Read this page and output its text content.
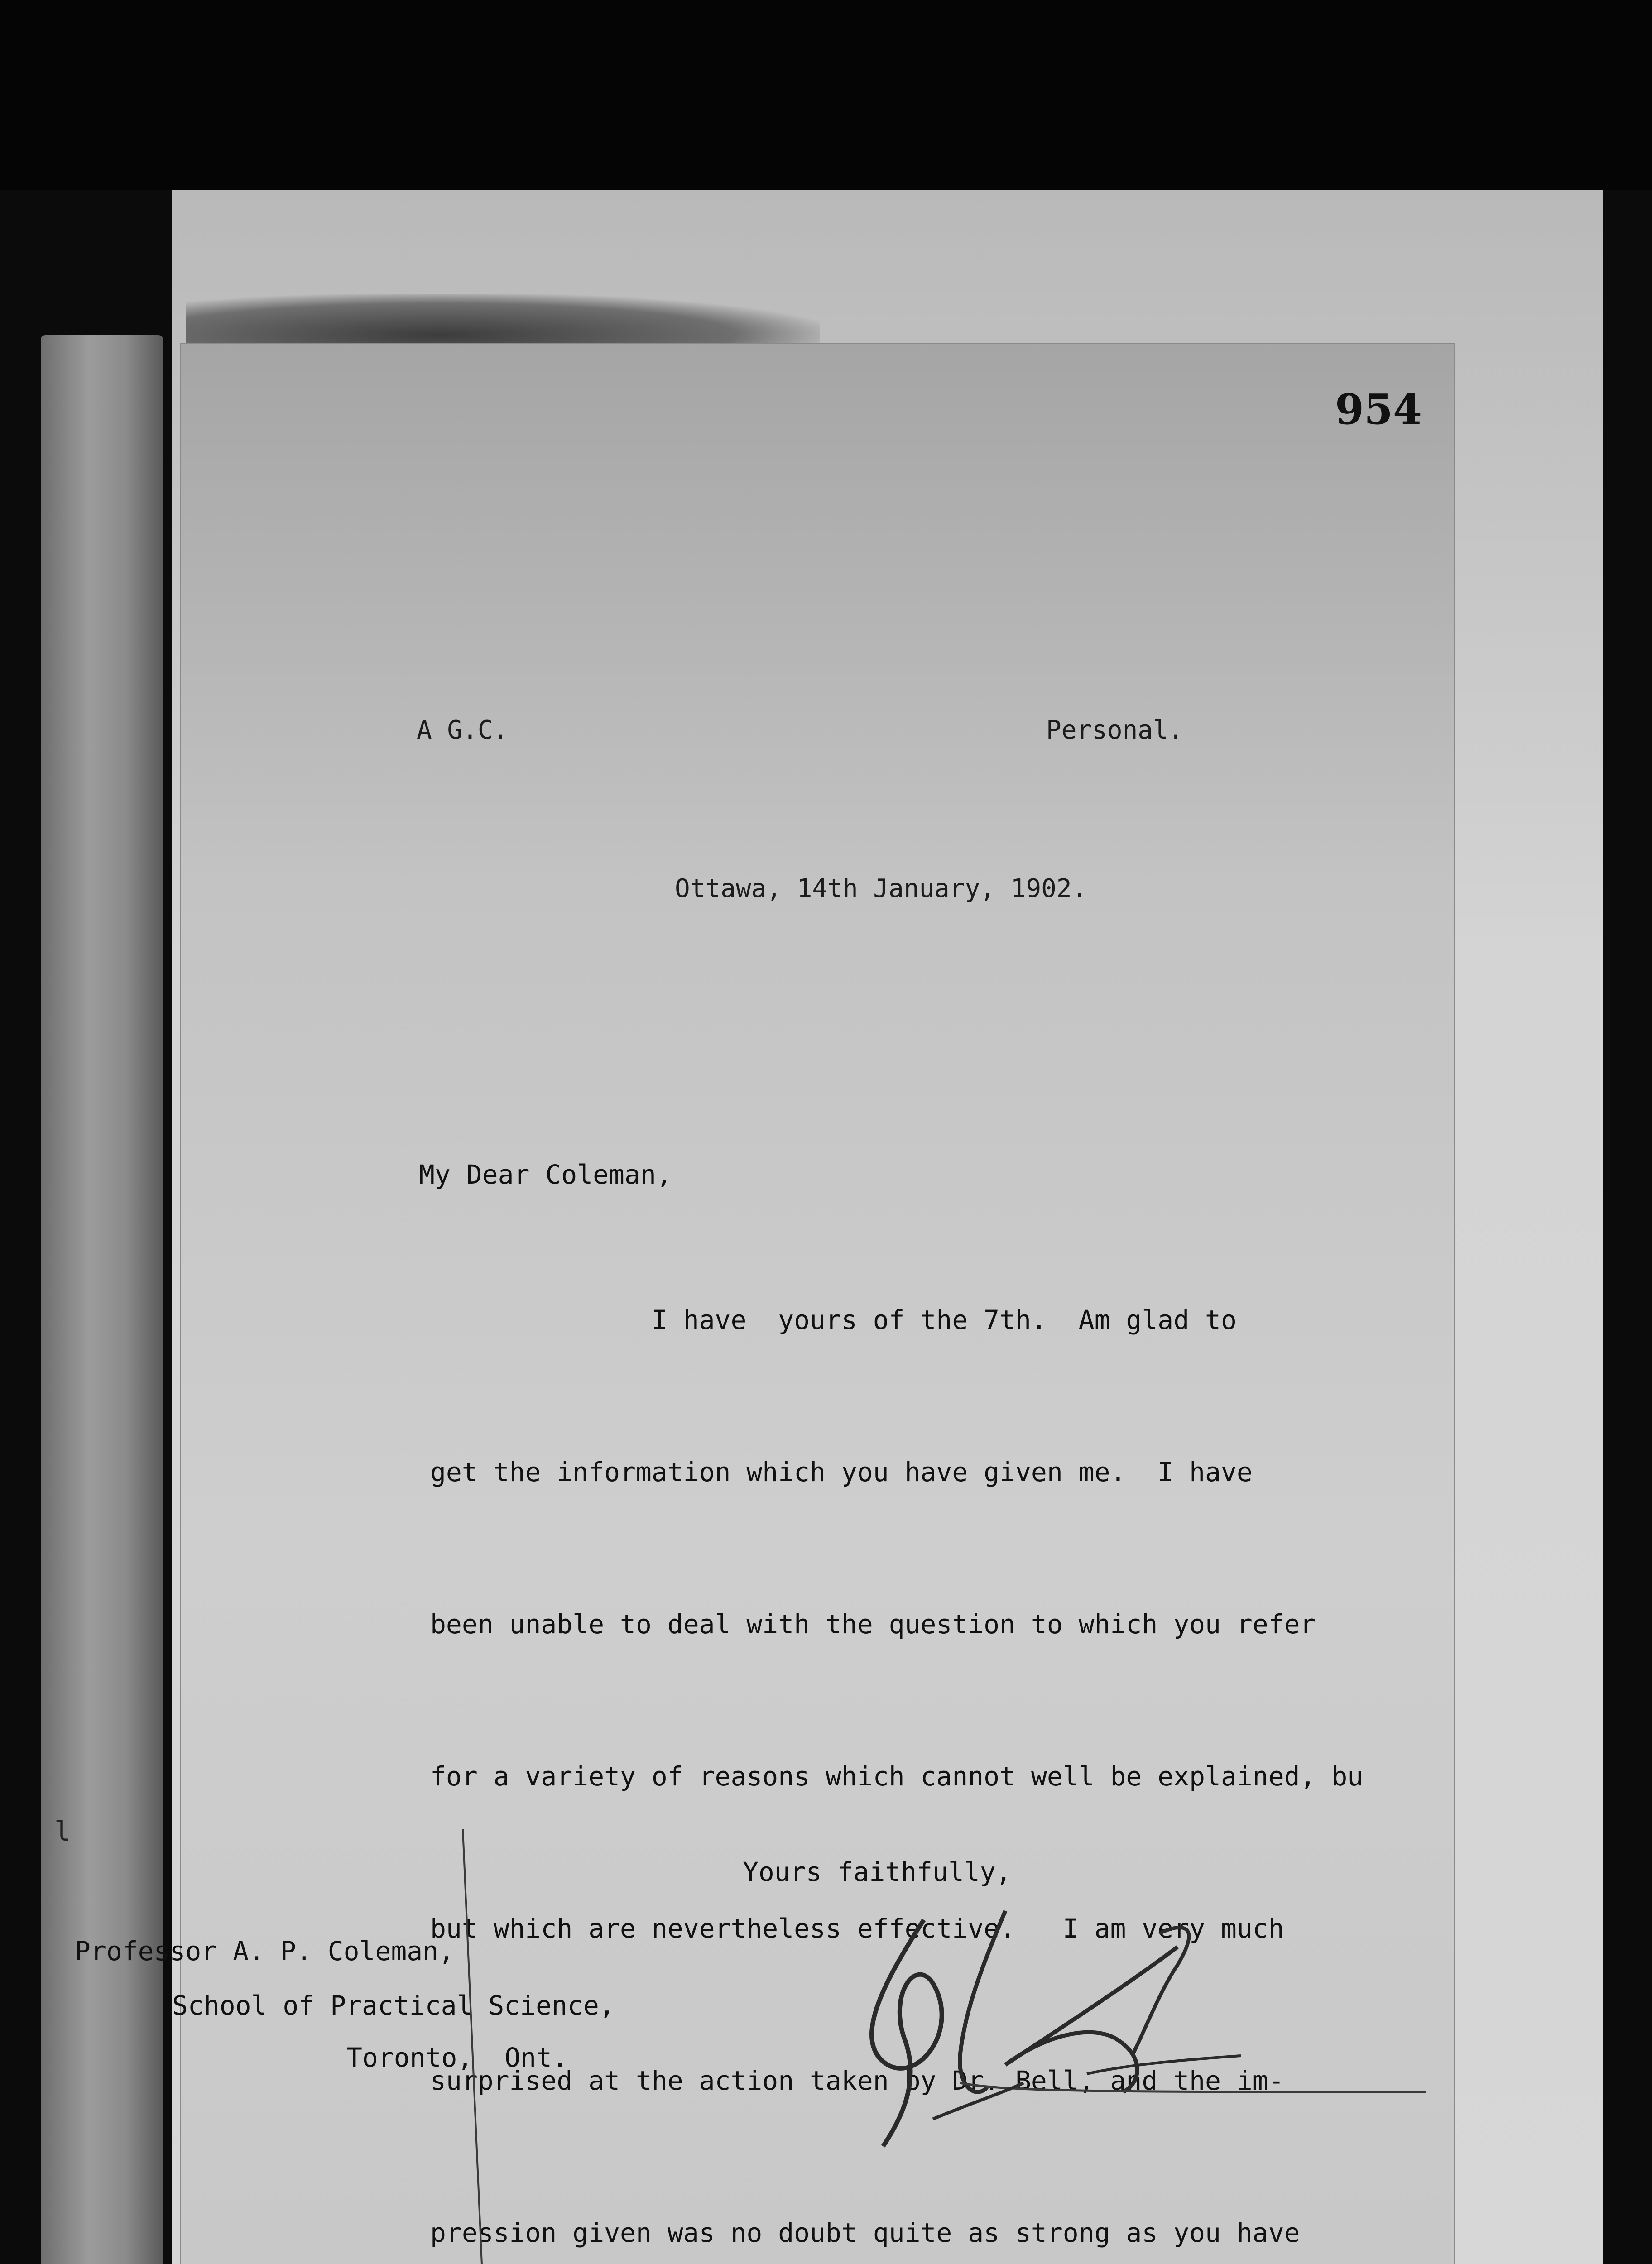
l
954
A G.C.	Personal.
Ottawa, 14th January, 1902.
My Dear Coleman,

I have  yours of the 7th.  Am glad to

get the information which you have given me.  I have

been unable to deal with the question to which you refer

for a variety of reasons which cannot well be explained, bu

but which are nevertheless effective.   I am very much

surprised at the action taken by Dr. Bell, and the im-

pression given was no doubt quite as strong as you have

Yours faithfully,
Professor A. P. Coleman,
School of Practical Science,
Toronto,  Ont.
